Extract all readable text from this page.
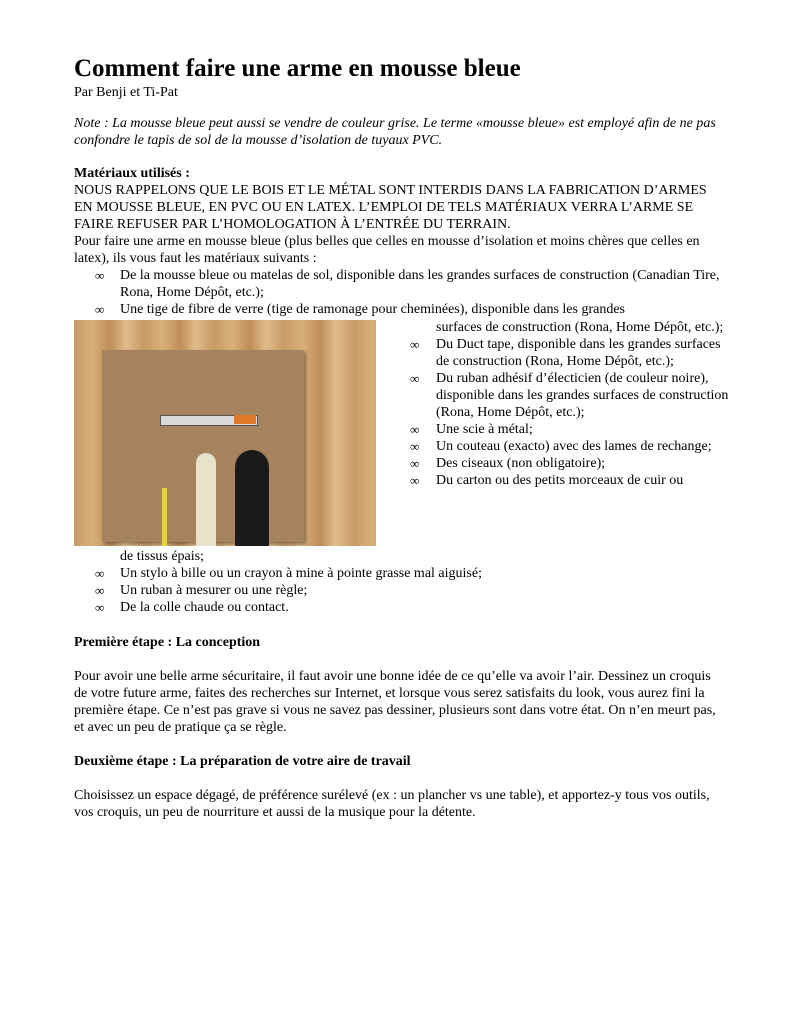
Comment faire une arme en mousse bleue

Par Benji et Ti-Pat

Note : La mousse bleue peut aussi se vendre de couleur grise. Le terme «mousse bleue» est employé afin de ne pas confondre le tapis de sol de la mousse d’isolation de tuyaux PVC.

Matériaux utilisés :

NOUS RAPPELONS QUE LE BOIS ET LE MÉTAL SONT INTERDIS DANS LA FABRICATION D’ARMES EN MOUSSE BLEUE, EN PVC OU EN LATEX. L’EMPLOI DE TELS MATÉRIAUX VERRA L’ARME SE FAIRE REFUSER PAR L’HOMOLOGATION À L’ENTRÉE DU TERRAIN.

Pour faire une arme en mousse bleue (plus belles que celles en mousse d’isolation et moins chères que celles en latex), ils vous faut les matériaux suivants :

∞ De la mousse bleue ou matelas de sol, disponible dans les grandes surfaces de construction (Canadian Tire, Rona, Home Dépôt, etc.);
∞ Une tige de fibre de verre (tige de ramonage pour cheminées), disponible dans les grandes
surfaces de construction (Rona, Home Dépôt, etc.);
∞ Du Duct tape, disponible dans les grandes surfaces de construction (Rona, Home Dépôt, etc.);
∞ Du ruban adhésif d’électicien (de couleur noire), disponible dans les grandes surfaces de construction (Rona, Home Dépôt, etc.);
∞ Une scie à métal;
∞ Un couteau (exacto) avec des lames de rechange;
∞ Des ciseaux (non obligatoire);
∞ Du carton ou des petits morceaux de cuir ou
de tissus épais;
∞ Un stylo à bille ou un crayon à mine à pointe grasse mal aiguisé;
∞ Un ruban à mesurer ou une règle;
∞ De la colle chaude ou contact.

Première étape : La conception

Pour avoir une belle arme sécuritaire, il faut avoir une bonne idée de ce qu’elle va avoir l’air. Dessinez un croquis de votre future arme, faites des recherches sur Internet, et lorsque vous serez satisfaits du look, vous aurez fini la première étape. Ce n’est pas grave si vous ne savez pas dessiner, plusieurs sont dans votre état. On n’en meurt pas, et avec un peu de pratique ça se règle.

Deuxième étape : La préparation de votre aire de travail

Choisissez un espace dégagé, de préférence surélevé (ex : un plancher vs une table), et apportez-y tous vos outils, vos croquis, un peu de nourriture et aussi de la musique pour la détente.
